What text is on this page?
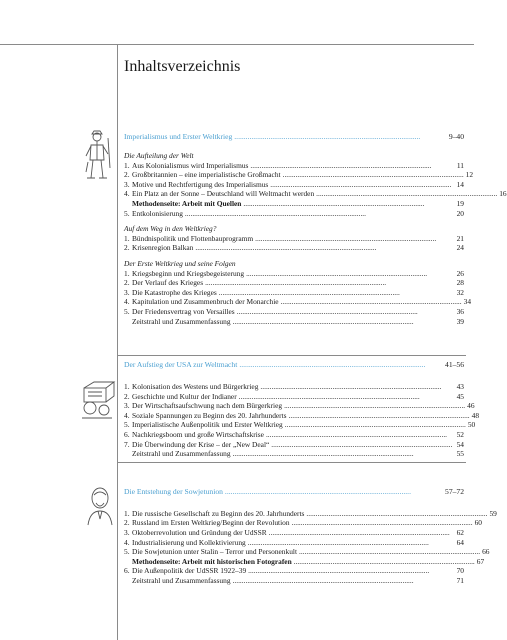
Inhaltsverzeichnis
Imperialismus und Erster Weltkrieg ..................................................................................................	9–40
Die Aufteilung der Welt
1. Aus Kolonialismus wird Imperialismus ..................................................................................................	11
2. Großbritannien – eine imperialistische Großmacht .................................................................................................. 12
3. Motive und Rechtfertigung des Imperialismus .................................................................................................. 14
4. Ein Platz an der Sonne – Deutschland will Weltmacht werden .................................................................................................. 16
Methodenseite: Arbeit mit Quellen ..................................................................................................	19
5. Entkolonisierung ..................................................................................................	20
Auf dem Weg in den Weltkrieg?
1. Bündnispolitik und Flottenbauprogramm ..................................................................................................	21
2. Krisenregion Balkan ..................................................................................................	24
Der Erste Weltkrieg und seine Folgen
1. Kriegsbeginn und Kriegsbegeisterung ..................................................................................................	26
2. Der Verlauf des Krieges ..................................................................................................	28
3. Die Katastrophe des Krieges ..................................................................................................	32
4. Kapitulation und Zusammenbruch der Monarchie .................................................................................................. 34
5. Der Friedensvertrag von Versailles ..................................................................................................	36
Zeitstrahl und Zusammenfassung ..................................................................................................	39
Der Aufstieg der USA zur Weltmacht ..................................................................................................	41–56
1. Kolonisation des Westens und Bürgerkrieg ..................................................................................................	43
2. Geschichte und Kultur der Indianer ..................................................................................................	45
3. Der Wirtschaftsaufschwung nach dem Bürgerkrieg .................................................................................................. 46
4. Soziale Spannungen zu Beginn des 20. Jahrhunderts .................................................................................................. 48
5. Imperialistische Außenpolitik und Erster Weltkrieg .................................................................................................. 50
6. Nachkriegsboom und große Wirtschaftskrise ..................................................................................................	52
7. Die Überwindung der Krise – der „New Deal“ .................................................................................................. 54
Zeitstrahl und Zusammenfassung ..................................................................................................	55
Die Entstehung der Sowjetunion ..................................................................................................	57–72
1. Die russische Gesellschaft zu Beginn des 20. Jahrhunderts .................................................................................................. 59
2. Russland im Ersten Weltkrieg/Beginn der Revolution .................................................................................................. 60
3. Oktoberrevolution und Gründung der UdSSR .................................................................................................. 62
4. Industrialisierung und Kollektivierung ..................................................................................................	64
5. Die Sowjetunion unter Stalin – Terror und Personenkult .................................................................................................. 66
Methodenseite: Arbeit mit historischen Fotografen .................................................................................................. 67
6. Die Außenpolitik der UdSSR 1922–39 ..................................................................................................	70
Zeitstrahl und Zusammenfassung ..................................................................................................	71
